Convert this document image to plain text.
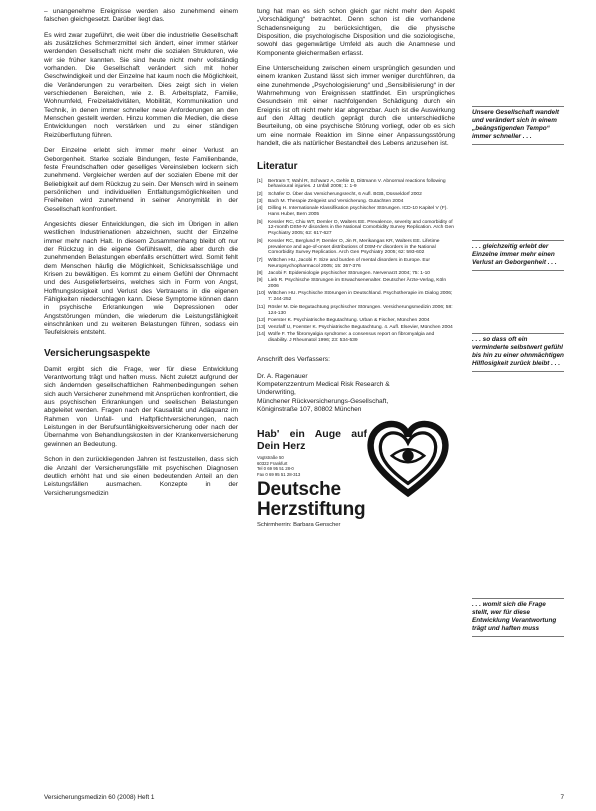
– unangenehme Ereignisse werden also zunehmend einem falschen gleichgesetzt. Darüber liegt das.

Es wird zwar zugeführt, die weit über die industrielle Gesellschaft als zusätzliches Schmerzmittel sich ändert, einer immer stärker werdenden Gesellschaft nicht mehr die sozialen Strukturen, wie wir sie früher kannten. Sie sind heute nicht mehr vollständig vorhanden. Die Gesellschaft verändert sich mit hoher Geschwindigkeit und der Einzelne hat kaum noch die Möglichkeit, die Veränderungen zu verarbeiten. Dies zeigt sich in vielen verschiedenen Bereichen, wie z. B. Arbeitsplatz, Familie, Wohnumfeld, Freizeitaktivitäten, Mobilität, Kommunikation und Technik, in denen immer schneller neue Anforderungen an den Menschen gestellt werden. Hinzu kommen die Medien, die diese Entwicklungen noch verstärken und zu einer ständigen Reizüberflutung führen.

Der Einzelne erlebt sich immer mehr einer Verlust an Geborgenheit. Starke soziale Bindungen, feste Familienbande, feste Freundschaften oder geselliges Vereinsleben lockern sich zunehmend. Vergleicher werden auf der sozialen Ebene mit der Beliebigkeit auf dem Rückzug zu sein. Der Mensch wird in seinem persönlichen und individuellen Entfaltungsmöglichkeiten und Freiheiten wird zunehmend in seiner Anonymität in der Gesellschaft konfrontiert.

Angesichts dieser Entwicklungen, die sich im Übrigen in allen westlichen Industrienationen abzeichnen, sucht der Einzelne immer mehr nach Halt. In diesem Zusammenhang bleibt oft nur der Rückzug in die eigene Gefühlswelt, die aber durch die zunehmenden Belastungen ebenfalls erschüttert wird. Somit fehlt dem Menschen häufig die Möglichkeit, Schicksalsschläge und Krisen zu bewältigen. Es kommt zu einem Gefühl der Ohnmacht und des Ausgeliefertseins, welches sich in Form von Angst, Hoffnungslosigkeit und Verlust des Vertrauens in die eigenen Fähigkeiten niederschlagen kann. Diese Symptome können dann in psychische Erkrankungen wie Depressionen oder Angststörungen münden, die wiederum die Leistungsfähigkeit einschränken und zu weiteren Belastungen führen, sodass ein Teufelskreis entsteht.

Versicherungsaspekte

Damit ergibt sich die Frage, wer für diese Entwicklung Verantwortung trägt und haften muss. Nicht zuletzt aufgrund der sich ändernden gesellschaftlichen Rahmenbedingungen sehen sich auch Versicherer zunehmend mit Ansprüchen konfrontiert, die aus psychischen Erkrankungen und seelischen Belastungen abgeleitet werden. Fragen nach der Kausalität und Adäquanz im Rahmen von Unfall- und Haftpflichtversicherungen, nach Leistungen in der Berufsunfähigkeitsversicherung oder nach der Übernahme von Behandlungskosten in der Krankenversicherung gewinnen an Bedeutung.

Schon in den zurückliegenden Jahren ist festzustellen, dass sich die Anzahl der Versicherungsfälle mit psychischen Diagnosen deutlich erhöht hat und sie einen bedeutenden Anteil an den Leistungsfällen ausmachen. Konzepte in der Versicherungsmedizin

tung hat man es sich schon gleich gar nicht mehr den Aspekt „Vorschädigung“ betrachtet. Denn schon ist die vorhandene Schadensneigung zu berücksichtigen, die die physische Disposition, die psychologische Disposition und die soziologische, sowohl das gegenwärtige Umfeld als auch die Anamnese und Komponente gleichermaßen erfasst.

Eine Unterscheidung zwischen einem ursprünglich gesunden und einem kranken Zustand lässt sich immer weniger durchführen, da eine zunehmende „Psychologisierung“ und „Sensibilisierung“ in der Wahrnehmung von Ereignissen stattfindet. Ein ursprüngliches Gesundsein mit einer nachfolgenden Schädigung durch ein Ereignis ist oft nicht mehr klar abgrenzbar. Auch ist die Auswirkung auf den Alltag deutlich geprägt durch die unterschiedliche Beurteilung, ob eine psychische Störung vorliegt, oder ob es sich um eine normale Reaktion im Sinne einer Anpassungsstörung handelt, die als natürlicher Bestandteil des Lebens anzusehen ist.

Literatur
[1]	Bertram T, Wahl R, Schwarz A, Gehle D, Dittmann V. Abnormal reactions following behavioural injuries. J Unfall 2006; 1: 1-9
[2]	Schäfer D. Über das Versicherungsrecht, 6 Aufl. BGB, Düsseldorf 2002
[3]	Bach M. Therapie Zeitgeist und Versicherung. Gutachten 2004
[4]	Dilling H. Internationale Klassifikation psychischer Störungen. ICD-10 Kapitel V (F). Hans Huber, Bern 2005
[5]	Kessler RC, Chiu WT, Demler O, Walters EE. Prevalence, severity and comorbidity of 12-month DSM-IV disorders in the National Comorbidity Survey Replication. Arch Gen Psychiatry 2005; 62: 617-627
[6]	Kessler RC, Berglund P, Demler O, Jin R, Merikangas KR, Walters EE. Lifetime prevalence and age-of-onset distributions of DSM-IV disorders in the National Comorbidity Survey Replication. Arch Gen Psychiatry 2005; 62: 593-602
[7]	Wittchen HU, Jacobi F. Size and burden of mental disorders in Europe. Eur Neuropsychopharmacol 2005; 15: 357-376
[8]	Jacobi F. Epidemiologie psychischer Störungen. Nervenarzt 2004; 75: 1-10
[9]	Lieb R. Psychische Störungen im Erwachsenenalter. Deutscher Ärzte-Verlag, Köln 2006
[10] Wittchen HU. Psychische Störungen in Deutschland. Psychotherapie im Dialog 2006; 7: 244-252
[11] Rösler M. Die Begutachtung psychischer Störungen. Versicherungsmedizin 2006; 58: 124-130
[12] Foerster K. Psychiatrische Begutachtung. Urban & Fischer, München 2004
[13] Venzlaff U, Foerster K. Psychiatrische Begutachtung. 4. Aufl. Elsevier, München 2004
[14] Wolfe F. The fibromyalgia syndrome: a consensus report on fibromyalgia and disability. J Rheumatol 1996; 23: 534-539
Anschrift des Verfassers:
Dr. A. Ragenauer
Kompetenzzentrum Medical Risk Research &
Underwriting,
Münchener Rückversicherungs-Gesellschaft,
Königinstraße 107, 80802 München
Hab' ein Auge auf Dein Herz
Vogtstraße 50
60322 Frankfurt
Tel 0 69 95 51 28-0
Fax 0 69 95 51 28-313
Deutsche
Herzstiftung
Schirmherrin: Barbara Genscher
Unsere Gesellschaft wandelt und verändert sich in einem „beängstigenden Tempo“ immer schneller . . .
. . . gleichzeitig erlebt der Einzelne immer mehr einen Verlust an Geborgenheit . . .
. . . so dass oft ein verminderte selbstwert gefühl bis hin zu einer ohnmächtigen Hilflosigkeit zurück bleibt . . .
. . . womit sich die Frage stellt, wer für diese Entwicklung Verantwortung trägt und haften muss
Versicherungsmedizin 60 (2008) Heft 1	7
